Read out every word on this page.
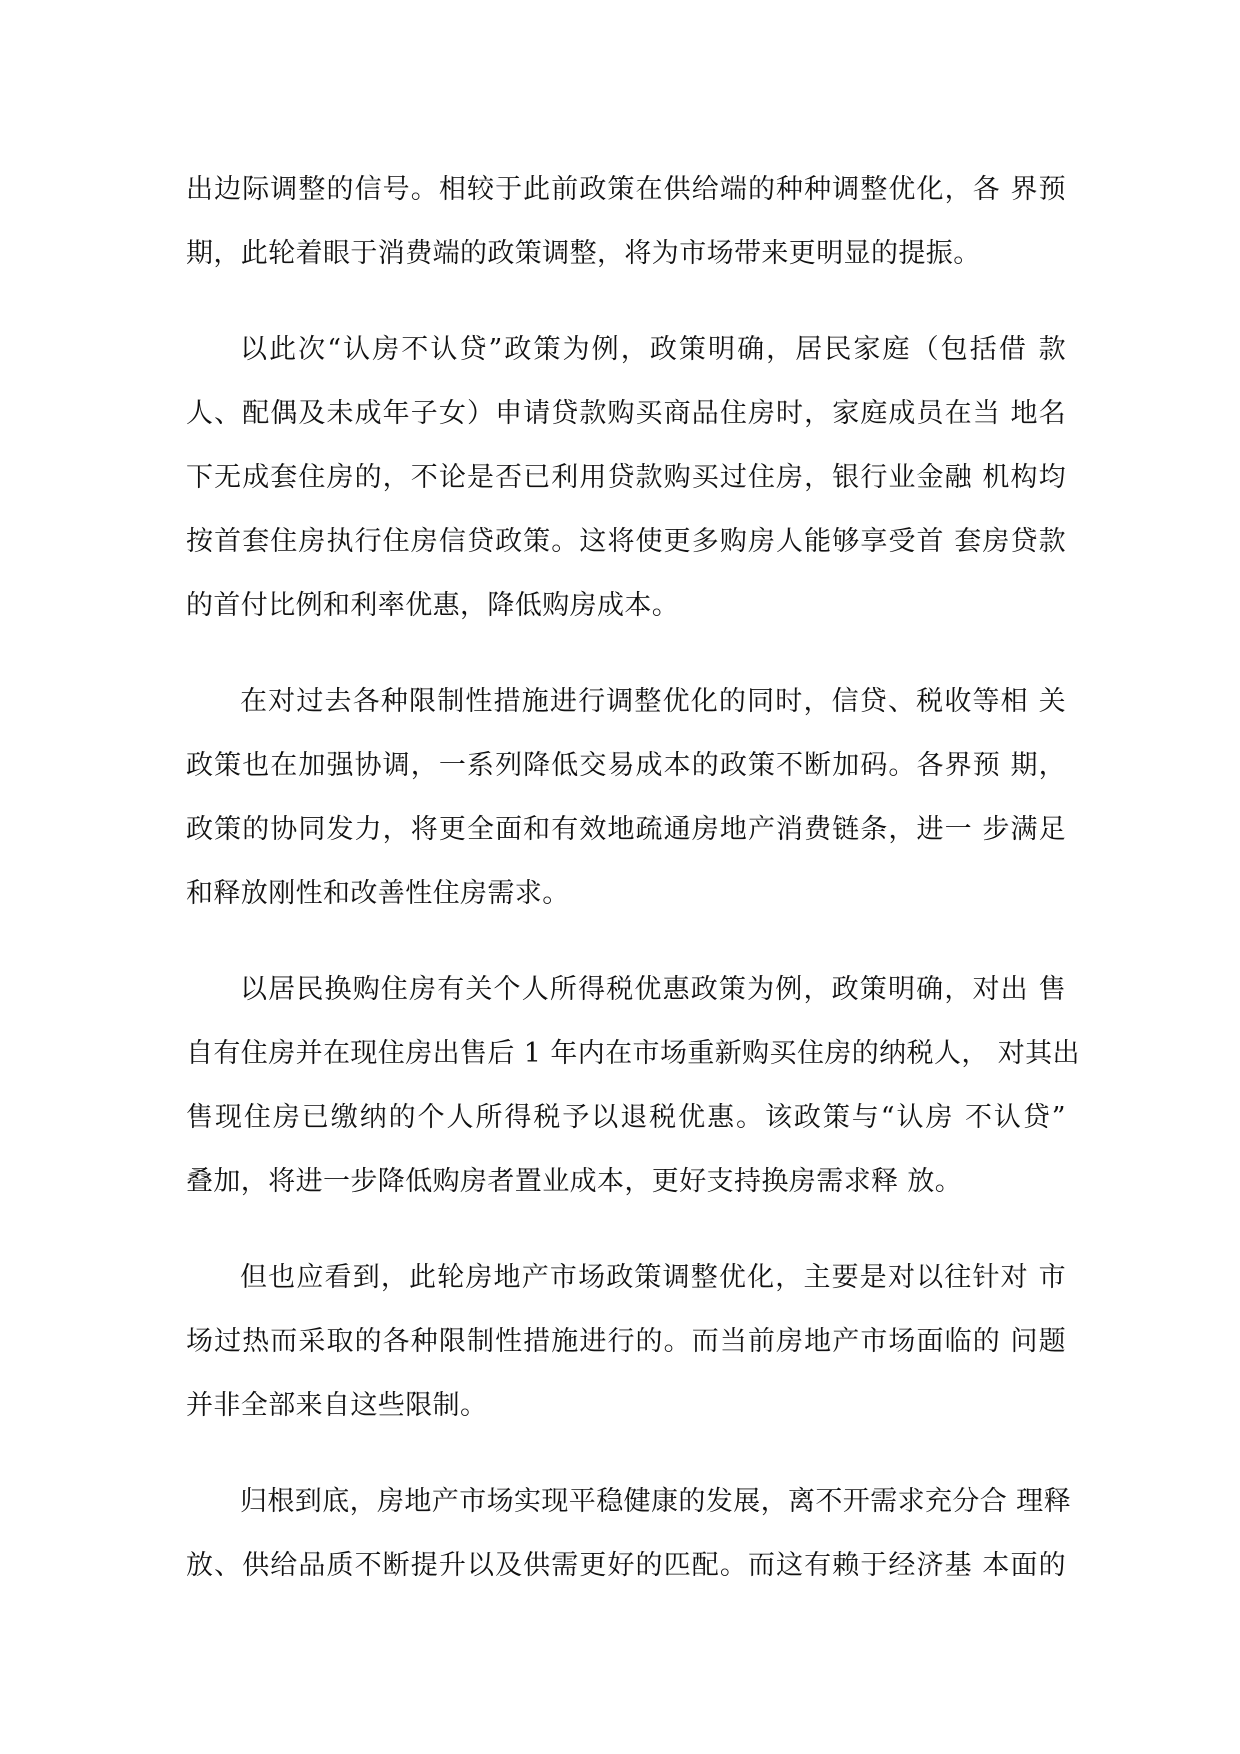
出边际调整的信号。相较于此前政策在供给端的种种调整优化，各 界预
期，此轮着眼于消费端的政策调整，将为市场带来更明显的提振。
以此次“认房不认贷”政策为例，政策明确，居民家庭（包括借 款
人、配偶及未成年子女）申请贷款购买商品住房时，家庭成员在当 地名
下无成套住房的，不论是否已利用贷款购买过住房，银行业金融 机构均
按首套住房执行住房信贷政策。这将使更多购房人能够享受首 套房贷款
的首付比例和利率优惠，降低购房成本。
在对过去各种限制性措施进行调整优化的同时，信贷、税收等相 关
政策也在加强协调，一系列降低交易成本的政策不断加码。各界预 期，
政策的协同发力，将更全面和有效地疏通房地产消费链条，进一 步满足
和释放刚性和改善性住房需求。
以居民换购住房有关个人所得税优惠政策为例，政策明确，对出 售
自有住房并在现住房出售后 1 年内在市场重新购买住房的纳税人， 对其出
售现住房已缴纳的个人所得税予以退税优惠。该政策与“认房 不认贷”
叠加，将进一步降低购房者置业成本，更好支持换房需求释 放。
但也应看到，此轮房地产市场政策调整优化，主要是对以往针对 市
场过热而采取的各种限制性措施进行的。而当前房地产市场面临的 问题
并非全部来自这些限制。
归根到底，房地产市场实现平稳健康的发展，离不开需求充分合 理释
放、供给品质不断提升以及供需更好的匹配。而这有赖于经济基 本面的
